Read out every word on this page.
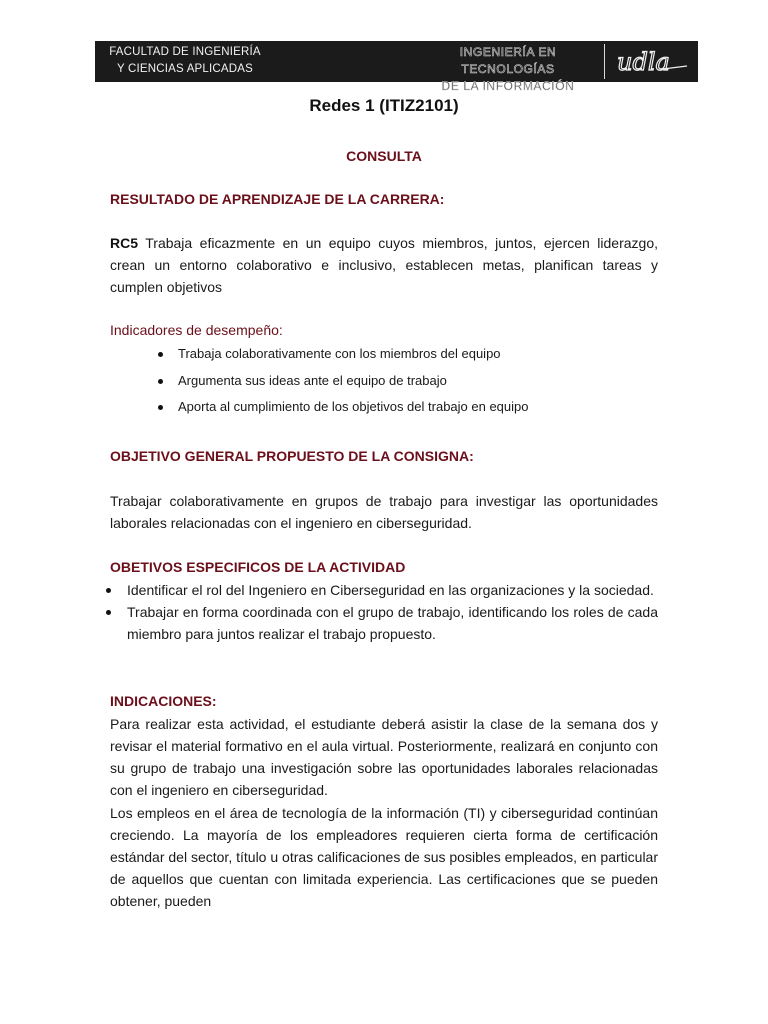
FACULTAD DE INGENIERÍA
Y CIENCIAS APLICADAS
INGENIERÍA EN TECNOLOGÍAS
DE LA INFORMACIÓN
udla
Redes 1 (ITIZ2101)
CONSULTA
RESULTADO DE APRENDIZAJE DE LA CARRERA:
RC5 Trabaja eficazmente en un equipo cuyos miembros, juntos, ejercen liderazgo, crean un entorno colaborativo e inclusivo, establecen metas, planifican tareas y cumplen objetivos
Indicadores de desempeño:
Trabaja colaborativamente con los miembros del equipo
Argumenta sus ideas ante el equipo de trabajo
Aporta al cumplimiento de los objetivos del trabajo en equipo
OBJETIVO GENERAL PROPUESTO DE LA CONSIGNA:
Trabajar colaborativamente en grupos de trabajo para investigar las oportunidades laborales relacionadas con el ingeniero en ciberseguridad.
OBETIVOS ESPECIFICOS DE LA ACTIVIDAD
Identificar el rol del Ingeniero en Ciberseguridad en las organizaciones y la sociedad.
Trabajar en forma coordinada con el grupo de trabajo, identificando los roles de cada miembro para juntos realizar el trabajo propuesto.
INDICACIONES:
Para realizar esta actividad, el estudiante deberá asistir la clase de la semana dos y revisar el material formativo en el aula virtual. Posteriormente, realizará en conjunto con su grupo de trabajo una investigación sobre las oportunidades laborales relacionadas con el ingeniero en ciberseguridad.
Los empleos en el área de tecnología de la información (TI) y ciberseguridad continúan creciendo. La mayoría de los empleadores requieren cierta forma de certificación estándar del sector, título u otras calificaciones de sus posibles empleados, en particular de aquellos que cuentan con limitada experiencia. Las certificaciones que se pueden obtener, pueden
